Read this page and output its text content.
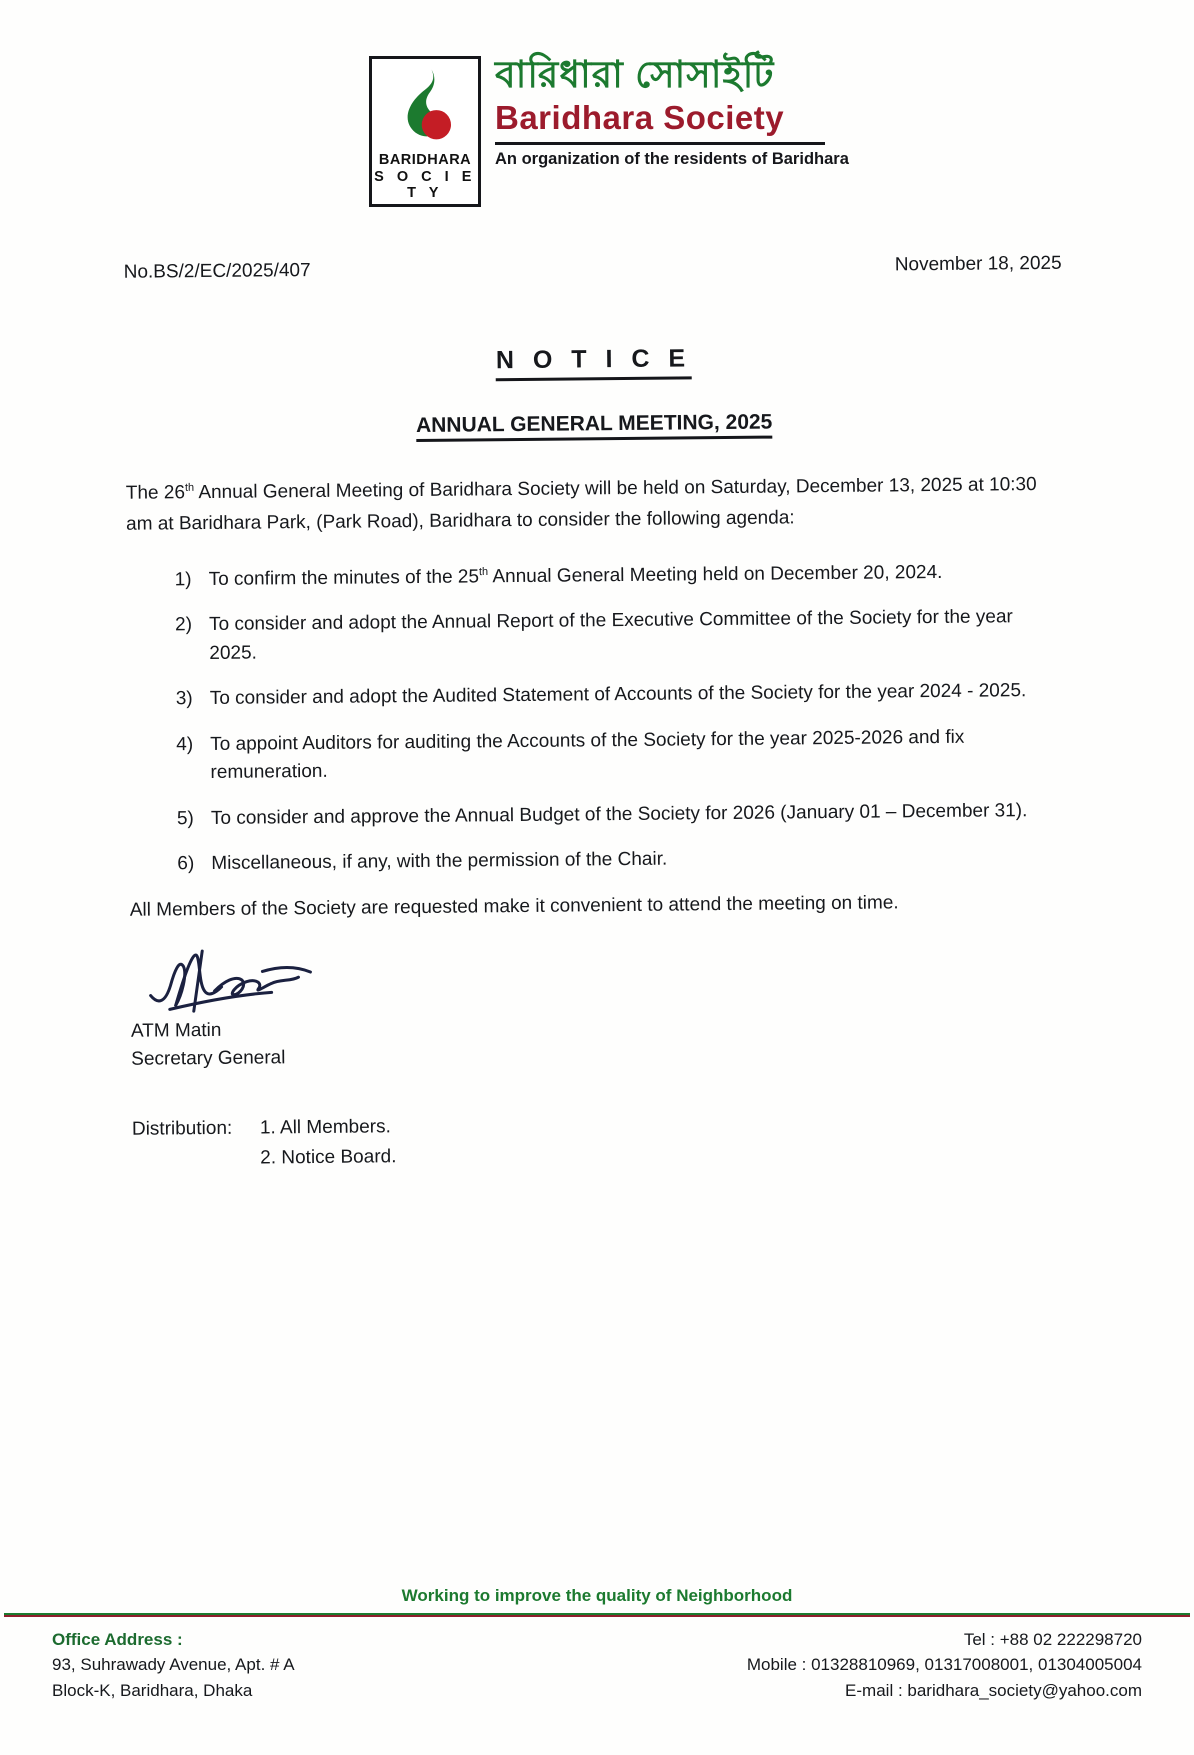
BARIDHARA
S O C I E T Y
বারিধারা সোসাইটি
Baridhara Society
An organization of the residents of Baridhara
No.BS/2/EC/2025/407	November 18, 2025
N O T I C E
ANNUAL GENERAL MEETING, 2025

The 26th Annual General Meeting of Baridhara Society will be held on Saturday, December 13, 2025 at 10:30 am at Baridhara Park, (Park Road), Baridhara to consider the following agenda:

1) To confirm the minutes of the 25th Annual General Meeting held on December 20, 2024.
2) To consider and adopt the Annual Report of the Executive Committee of the Society for the year 2025.
3) To consider and adopt the Audited Statement of Accounts of the Society for the year 2024 - 2025.
4) To appoint Auditors for auditing the Accounts of the Society for the year 2025-2026 and fix remuneration.
5) To consider and approve the Annual Budget of the Society for 2026 (January 01 – December 31).
6) Miscellaneous, if any, with the permission of the Chair.

All Members of the Society are requested make it convenient to attend the meeting on time.

ATM Matin
Secretary General
Distribution:	1. All Members.
2. Notice Board.
Working to improve the quality of Neighborhood
Office Address :
93, Suhrawady Avenue, Apt. # A
Block-K, Baridhara, Dhaka
Tel : +88 02 222298720
Mobile : 01328810969, 01317008001, 01304005004
E-mail : baridhara_society@yahoo.com
